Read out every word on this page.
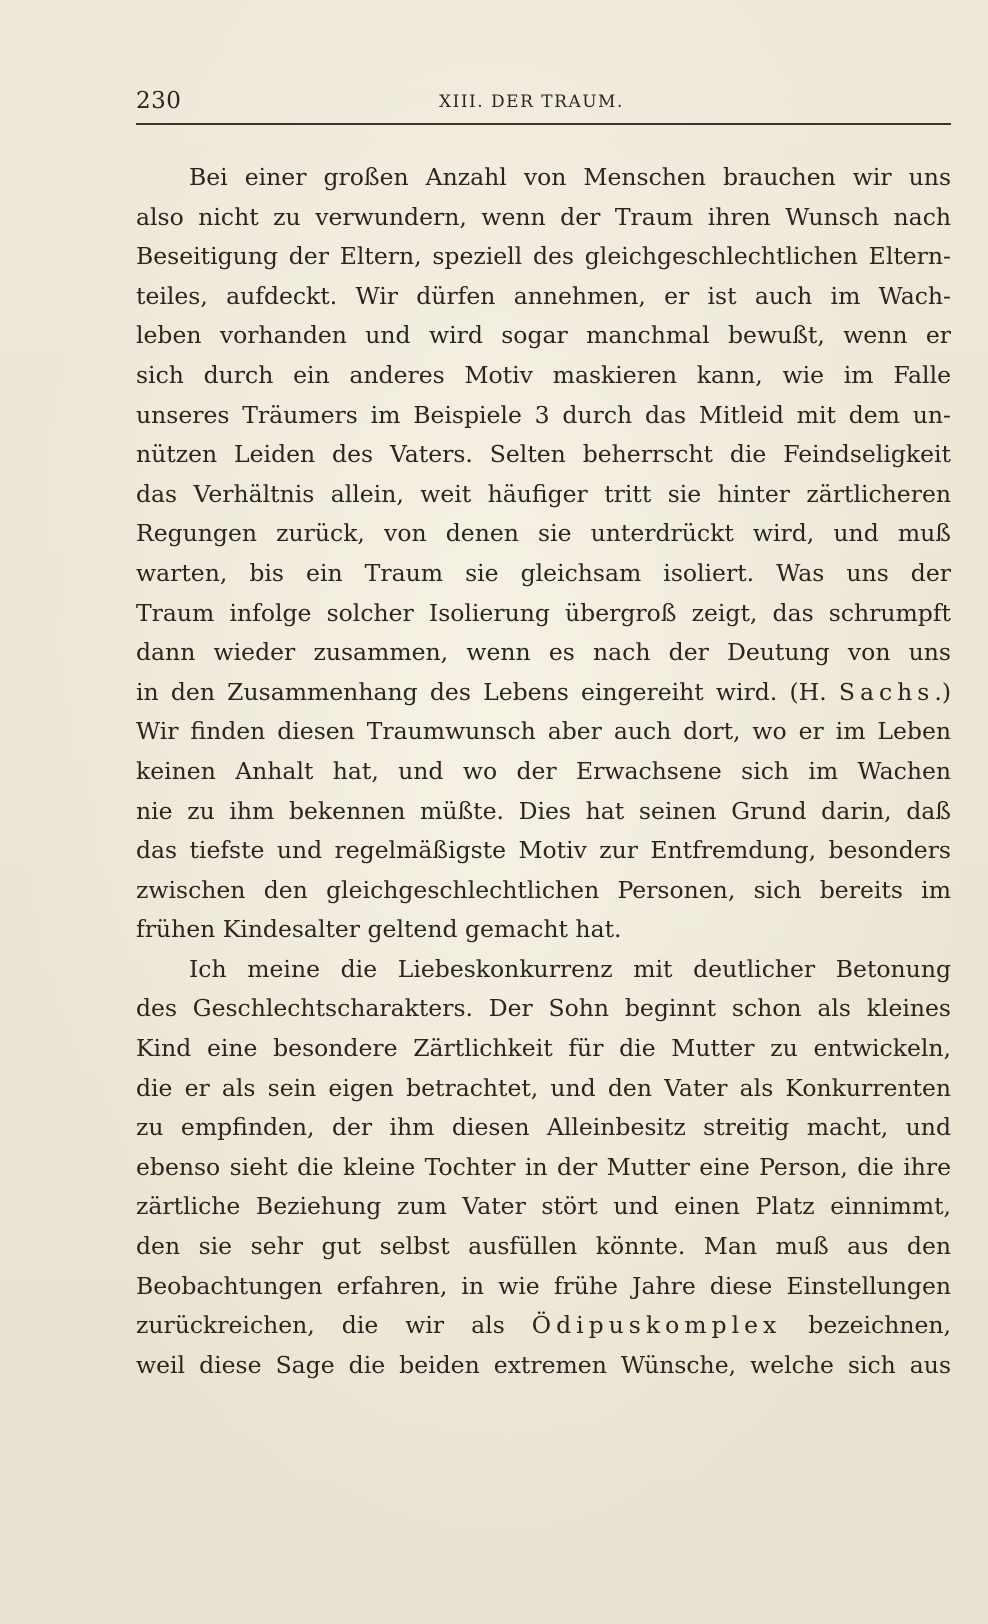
230	XIII. DER TRAUM.
Bei einer großen Anzahl von Menschen brauchen wir uns
also nicht zu verwundern, wenn der Traum ihren Wunsch nach
Beseitigung der Eltern, speziell des gleichgeschlechtlichen Eltern-
teiles, aufdeckt. Wir dürfen annehmen, er ist auch im Wach-
leben vorhanden und wird sogar manchmal bewußt, wenn er
sich durch ein anderes Motiv maskieren kann, wie im Falle
unseres Träumers im Beispiele 3 durch das Mitleid mit dem un-
nützen Leiden des Vaters. Selten beherrscht die Feindseligkeit
das Verhältnis allein, weit häufiger tritt sie hinter zärtlicheren
Regungen zurück, von denen sie unterdrückt wird, und muß
warten, bis ein Traum sie gleichsam isoliert. Was uns der
Traum infolge solcher Isolierung übergroß zeigt, das schrumpft
dann wieder zusammen, wenn es nach der Deutung von uns
in den Zusammenhang des Lebens eingereiht wird. (H. Sachs.)
Wir finden diesen Traumwunsch aber auch dort, wo er im Leben
keinen Anhalt hat, und wo der Erwachsene sich im Wachen
nie zu ihm bekennen müßte. Dies hat seinen Grund darin, daß
das tiefste und regelmäßigste Motiv zur Entfremdung, besonders
zwischen den gleichgeschlechtlichen Personen, sich bereits im
frühen Kindesalter geltend gemacht hat.
Ich meine die Liebeskonkurrenz mit deutlicher Betonung
des Geschlechtscharakters. Der Sohn beginnt schon als kleines
Kind eine besondere Zärtlichkeit für die Mutter zu entwickeln,
die er als sein eigen betrachtet, und den Vater als Konkurrenten
zu empfinden, der ihm diesen Alleinbesitz streitig macht, und
ebenso sieht die kleine Tochter in der Mutter eine Person, die ihre
zärtliche Beziehung zum Vater stört und einen Platz einnimmt,
den sie sehr gut selbst ausfüllen könnte. Man muß aus den
Beobachtungen erfahren, in wie frühe Jahre diese Einstellungen
zurückreichen, die wir als Ödipuskomplex bezeichnen,
weil diese Sage die beiden extremen Wünsche, welche sich aus
